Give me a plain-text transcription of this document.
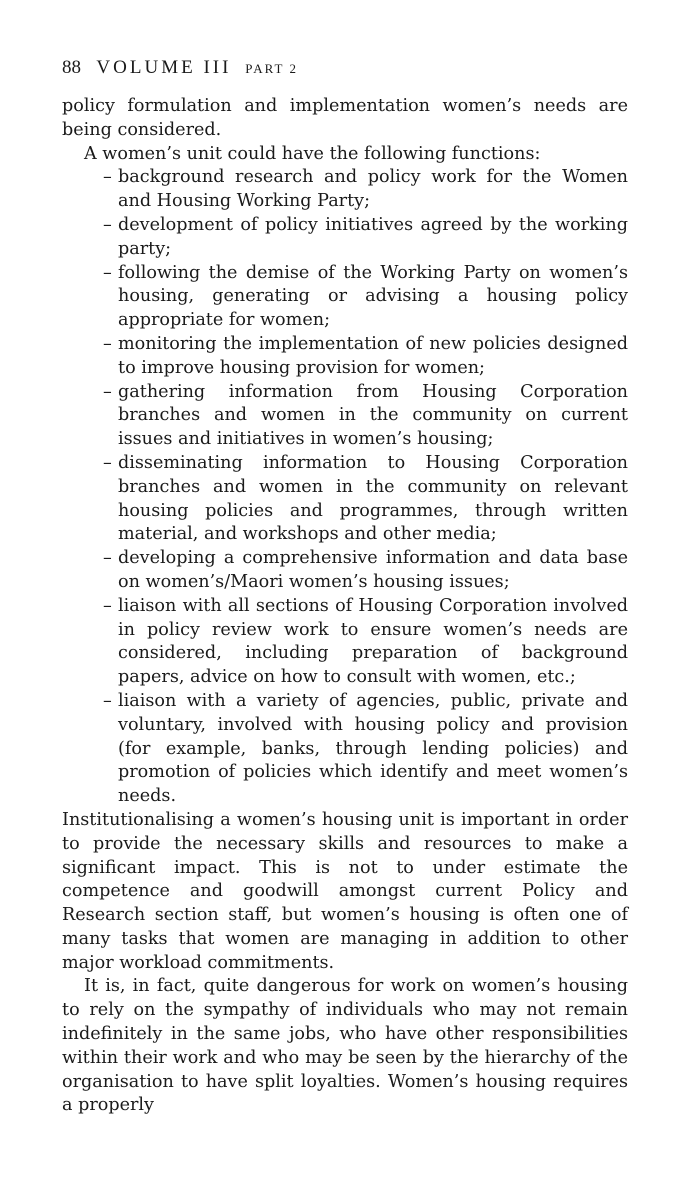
88 VOLUME III PART 2

policy formulation and implementation women’s needs are being considered.

A women’s unit could have the following functions:

– background research and policy work for the Women and Housing Working Party;
– development of policy initiatives agreed by the working party;
– following the demise of the Working Party on women’s housing, generating or advising a housing policy appropriate for women;
– monitoring the implementation of new policies designed to improve housing provision for women;
– gathering information from Housing Corporation branches and women in the community on current issues and initiatives in women’s housing;
– disseminating information to Housing Corporation branches and women in the community on relevant housing policies and programmes, through written material, and workshops and other media;
– developing a comprehensive information and data base on women’s/Maori women’s housing issues;
– liaison with all sections of Housing Corporation involved in policy review work to ensure women’s needs are considered, including preparation of background papers, advice on how to consult with women, etc.;
– liaison with a variety of agencies, public, private and voluntary, involved with housing policy and provision (for example, banks, through lending policies) and promotion of policies which identify and meet women’s needs.

Institutionalising a women’s housing unit is important in order to provide the necessary skills and resources to make a significant impact. This is not to under estimate the competence and goodwill amongst current Policy and Research section staff, but women’s housing is often one of many tasks that women are managing in addition to other major workload commitments.

It is, in fact, quite dangerous for work on women’s housing to rely on the sympathy of individuals who may not remain indefinitely in the same jobs, who have other responsibilities within their work and who may be seen by the hierarchy of the organisation to have split loyalties. Women’s housing requires a properly
